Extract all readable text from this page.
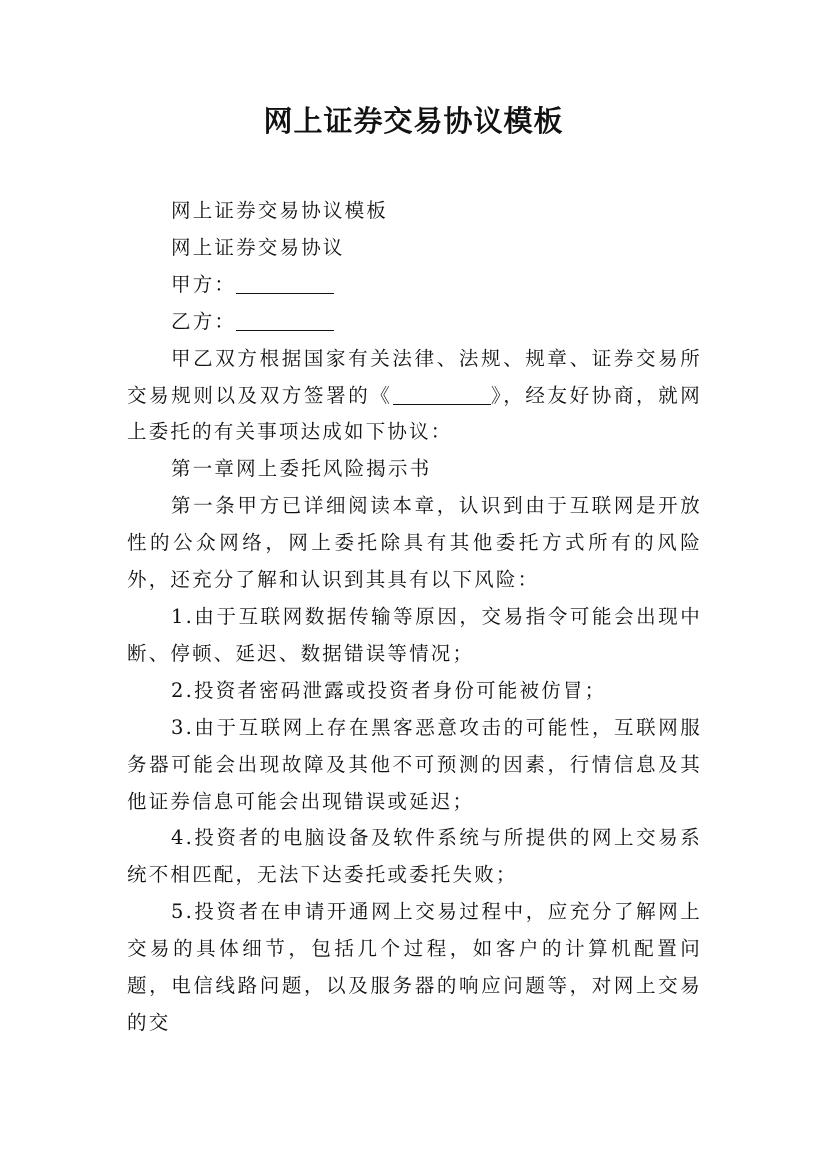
网上证券交易协议模板

网上证券交易协议模板

网上证券交易协议

甲方：

乙方：

甲乙双方根据国家有关法律、法规、规章、证券交易所交易规则以及双方签署的《	》，经友好协商，就网上委托的有关事项达成如下协议：

第一章网上委托风险揭示书

第一条甲方已详细阅读本章，认识到由于互联网是开放性的公众网络，网上委托除具有其他委托方式所有的风险外，还充分了解和认识到其具有以下风险：

1.由于互联网数据传输等原因，交易指令可能会出现中断、停顿、延迟、数据错误等情况；

2.投资者密码泄露或投资者身份可能被仿冒；

3.由于互联网上存在黑客恶意攻击的可能性，互联网服务器可能会出现故障及其他不可预测的因素，行情信息及其他证券信息可能会出现错误或延迟；

4.投资者的电脑设备及软件系统与所提供的网上交易系统不相匹配，无法下达委托或委托失败；

5.投资者在申请开通网上交易过程中，应充分了解网上交易的具体细节，包括几个过程，如客户的计算机配置问题，电信线路问题，以及服务器的响应问题等，对网上交易的交
